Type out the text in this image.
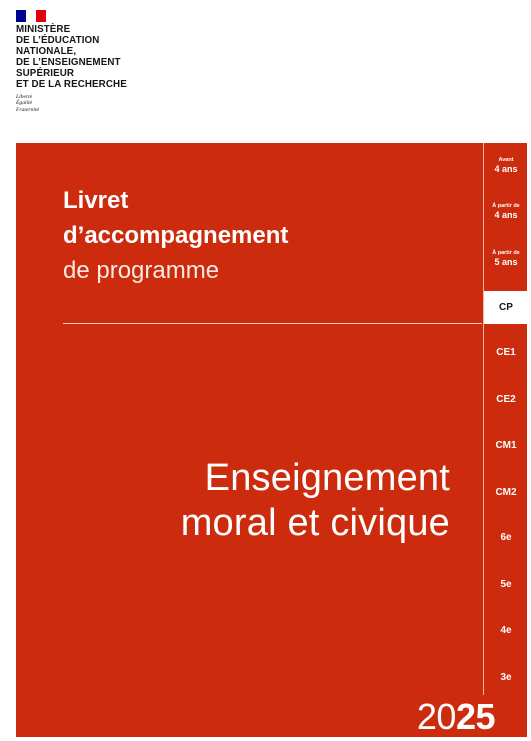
MINISTÈRE
DE L’ÉDUCATION
NATIONALE,
DE L’ENSEIGNEMENT
SUPÉRIEUR
ET DE LA RECHERCHE
Liberté
Égalité
Fraternité
Livret
d’accompagnement
de programme
Enseignement
moral et civique
Avant
4 ans
À partir de
4 ans
À partir de
5 ans
CP
CE1
CE2
CM1
CM2
6e
5e
4e
3e
2025
